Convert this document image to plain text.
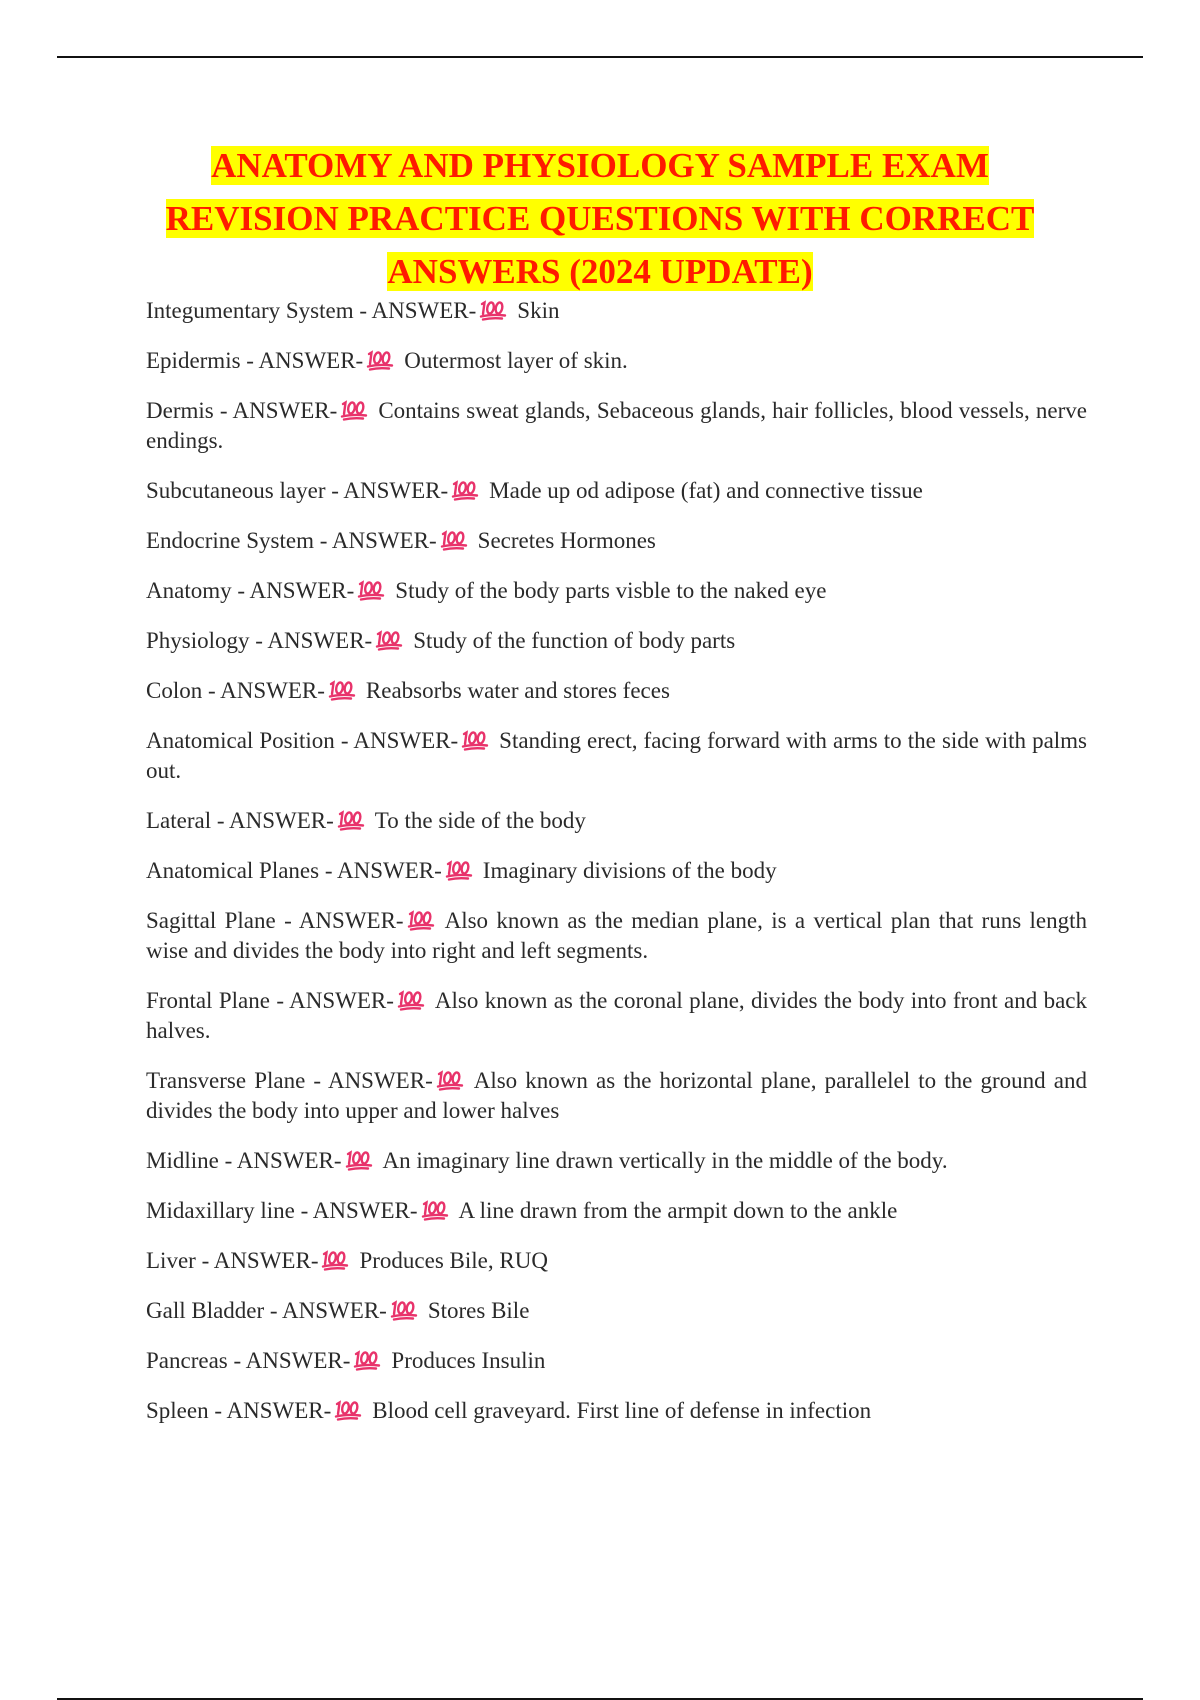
ANATOMY AND PHYSIOLOGY SAMPLE EXAM
REVISION PRACTICE QUESTIONS WITH CORRECT
ANSWERS (2024 UPDATE)
Integumentary System - ANSWER- Skin
Epidermis - ANSWER- Outermost layer of skin.
Dermis - ANSWER- Contains sweat glands, Sebaceous glands, hair follicles, blood vessels, nerve endings.
Subcutaneous layer - ANSWER- Made up od adipose (fat) and connective tissue
Endocrine System - ANSWER- Secretes Hormones
Anatomy - ANSWER- Study of the body parts visble to the naked eye
Physiology - ANSWER- Study of the function of body parts
Colon - ANSWER- Reabsorbs water and stores feces
Anatomical Position - ANSWER- Standing erect, facing forward with arms to the side with palms out.
Lateral - ANSWER- To the side of the body
Anatomical Planes - ANSWER- Imaginary divisions of the body
Sagittal Plane - ANSWER- Also known as the median plane, is a vertical plan that runs length wise and divides the body into right and left segments.
Frontal Plane - ANSWER- Also known as the coronal plane, divides the body into front and back halves.
Transverse Plane - ANSWER- Also known as the horizontal plane, parallelel to the ground and divides the body into upper and lower halves
Midline - ANSWER- An imaginary line drawn vertically in the middle of the body.
Midaxillary line - ANSWER- A line drawn from the armpit down to the ankle
Liver - ANSWER- Produces Bile, RUQ
Gall Bladder - ANSWER- Stores Bile
Pancreas - ANSWER- Produces Insulin
Spleen - ANSWER- Blood cell graveyard. First line of defense in infection
